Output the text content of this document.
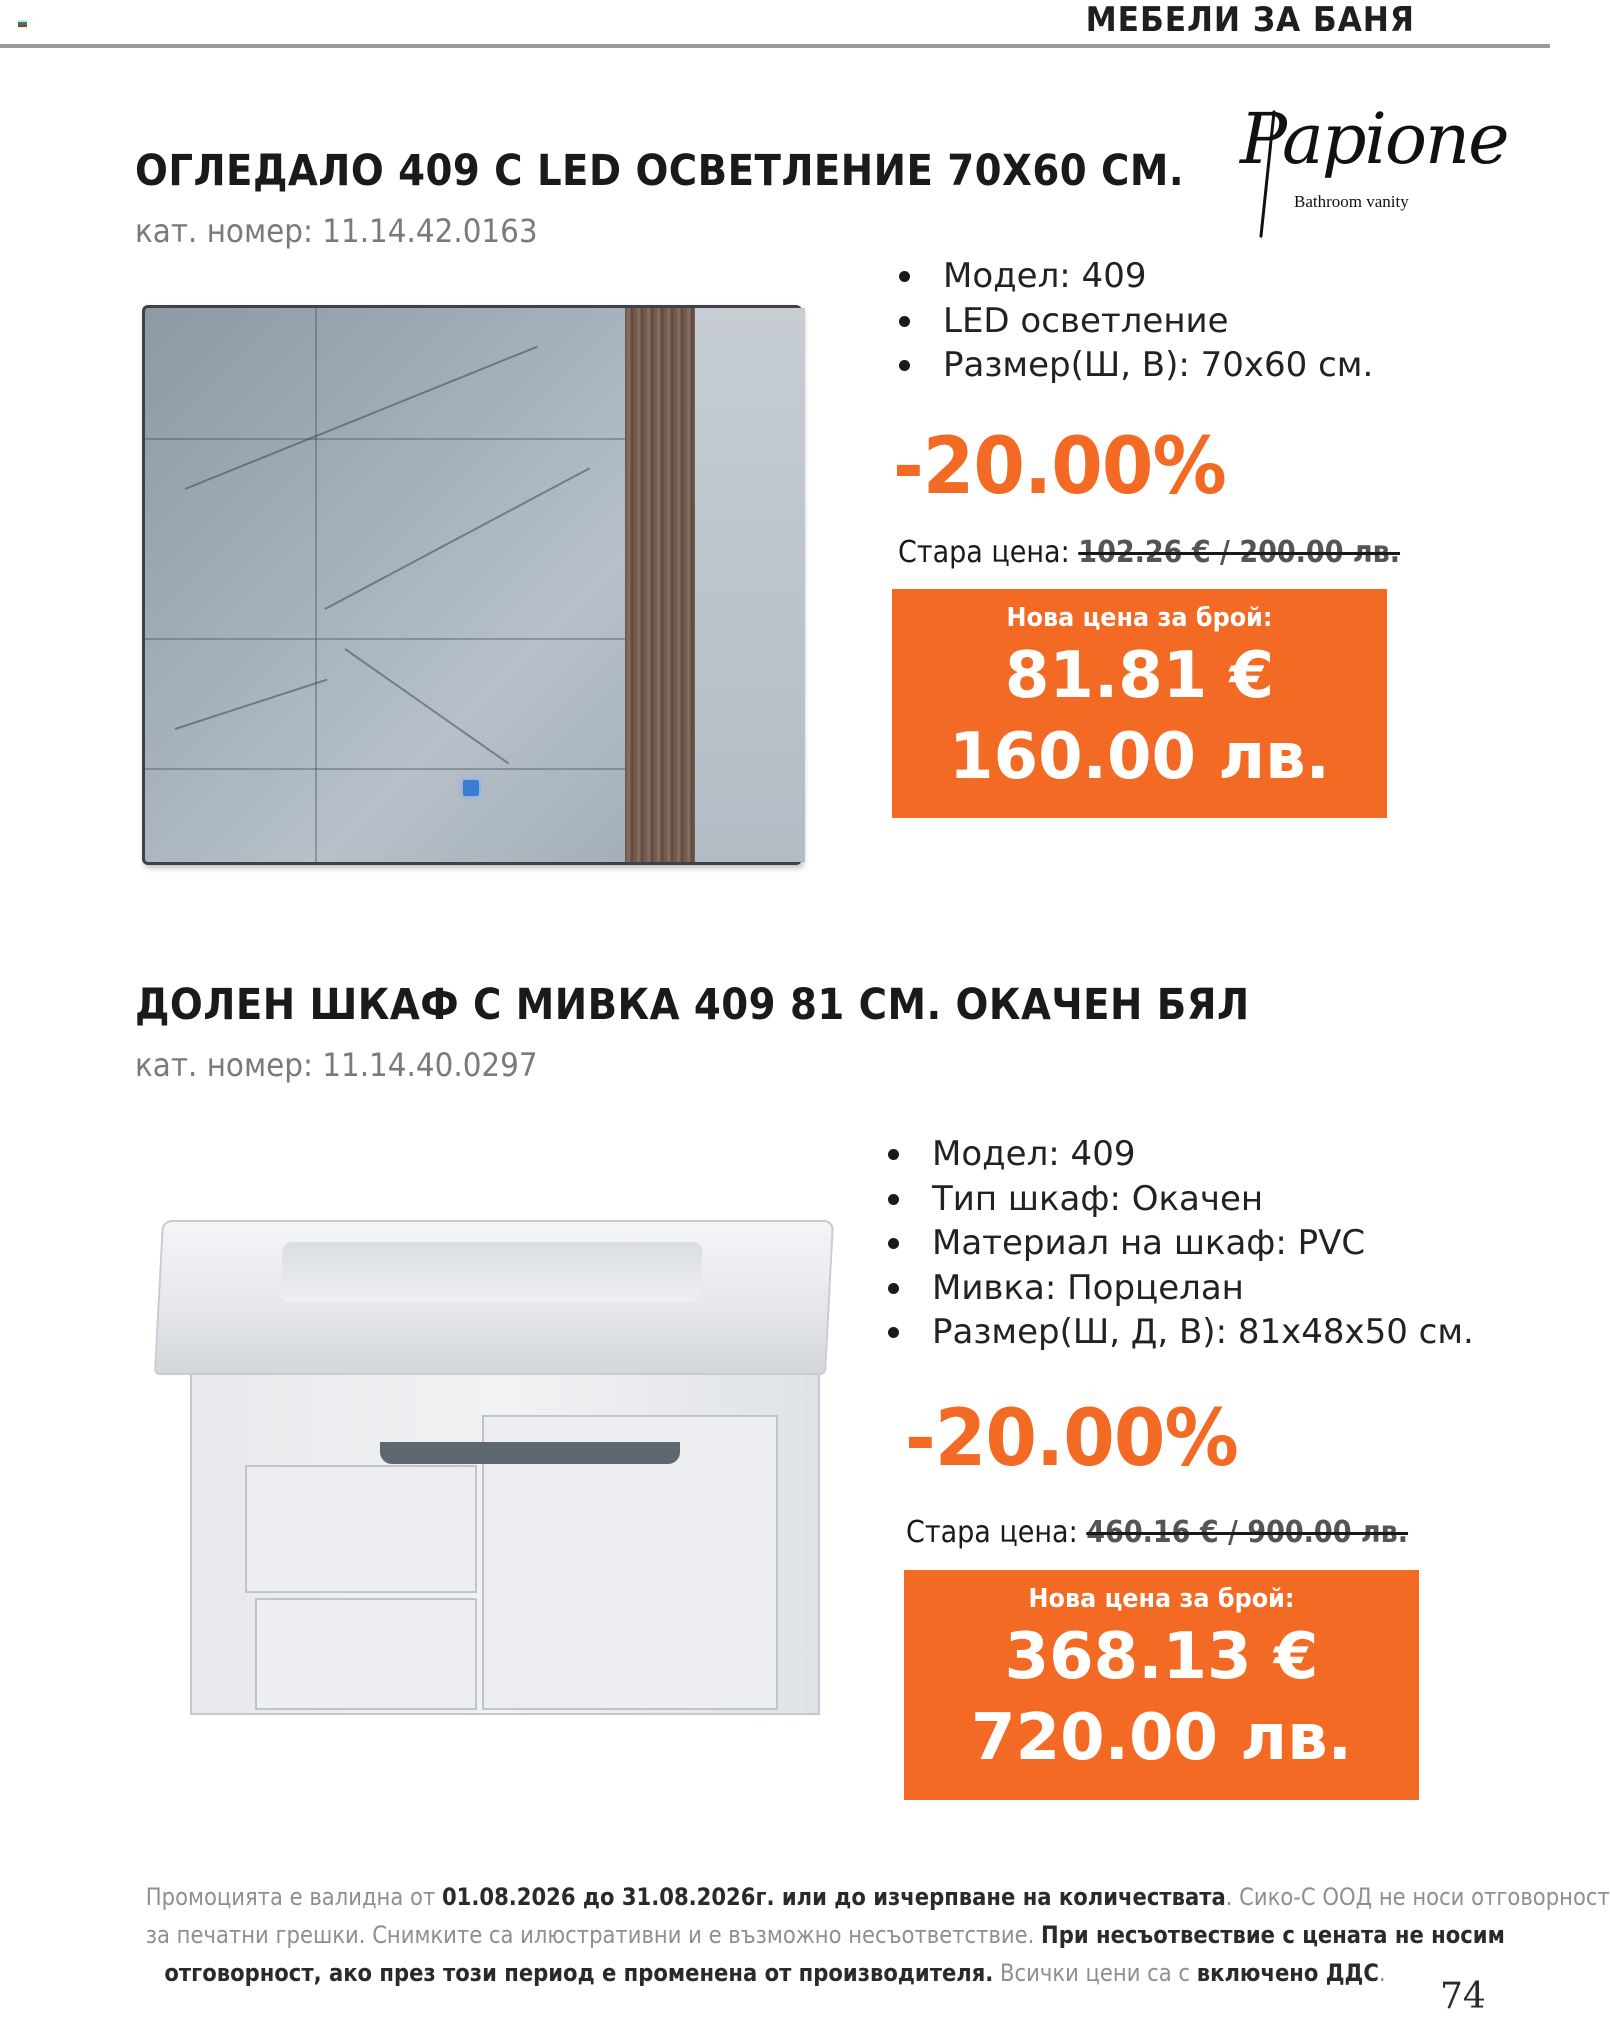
МЕБЕЛИ ЗА БАНЯ
ОГЛЕДАЛО 409 С LED ОСВЕТЛЕНИЕ 70X60 СМ.
кат. номер: 11.14.42.0163
Papione
Bathroom vanity
Модел: 409
LED осветление
Размер(Ш, В): 70х60 см.
-20.00%
Стара цена: 102.26 € / 200.00 лв.
Нова цена за брой:
81.81 €
160.00 лв.
ДОЛЕН ШКАФ С МИВКА 409 81 СМ. ОКАЧЕН БЯЛ
кат. номер: 11.14.40.0297
Модел: 409
Тип шкаф: Окачен
Материал на шкаф: PVC
Мивка: Порцелан
Размер(Ш, Д, В): 81х48х50 см.
-20.00%
Стара цена: 460.16 € / 900.00 лв.
Нова цена за брой:
368.13 €
720.00 лв.
Промоцията е валидна от 01.08.2026 до 31.08.2026г. или до изчерпване на количествата. Сико-С ООД не носи отговорност
за печатни грешки. Снимките са илюстративни и е възможно несъответствие. При несъотвествие с цената не носим
отговорност, ако през този период е променена от производителя. Всички цени са с включено ДДС.
74
